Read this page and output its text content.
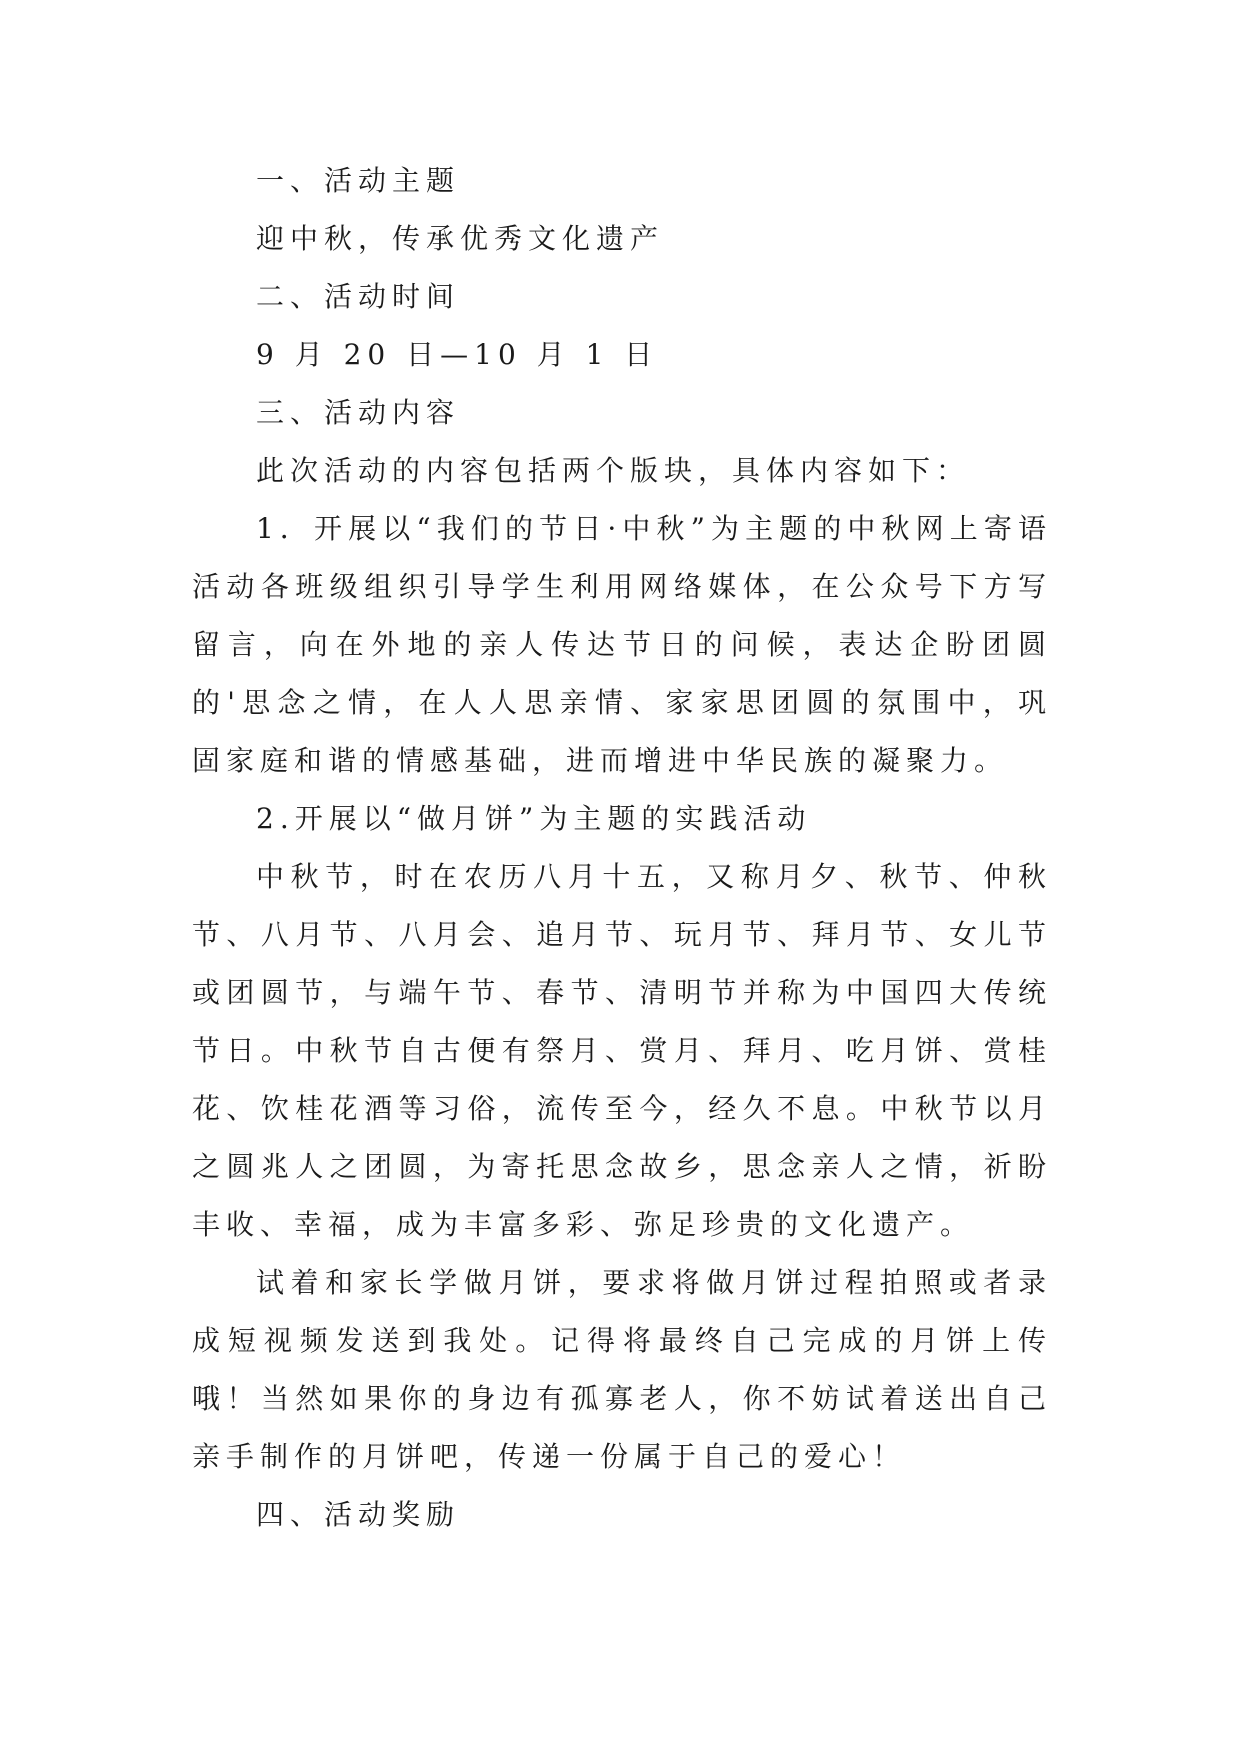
一、活动主题

迎中秋，传承优秀文化遗产

二、活动时间

9 月 20 日—10 月 1 日

三、活动内容

此次活动的内容包括两个版块，具体内容如下：

1．开展以“我们的节日·中秋”为主题的中秋网上寄语活动各班级组织引导学生利用网络媒体，在公众号下方写留言，向在外地的亲人传达节日的问候，表达企盼团圆的'思念之情，在人人思亲情、家家思团圆的氛围中，巩固家庭和谐的情感基础，进而增进中华民族的凝聚力。

2.开展以“做月饼”为主题的实践活动

中秋节，时在农历八月十五，又称月夕、秋节、仲秋节、八月节、八月会、追月节、玩月节、拜月节、女儿节或团圆节，与端午节、春节、清明节并称为中国四大传统节日。中秋节自古便有祭月、赏月、拜月、吃月饼、赏桂花、饮桂花酒等习俗，流传至今，经久不息。中秋节以月之圆兆人之团圆，为寄托思念故乡，思念亲人之情，祈盼丰收、幸福，成为丰富多彩、弥足珍贵的文化遗产。

试着和家长学做月饼，要求将做月饼过程拍照或者录成短视频发送到我处。记得将最终自己完成的月饼上传哦！当然如果你的身边有孤寡老人，你不妨试着送出自己亲手制作的月饼吧，传递一份属于自己的爱心！

四、活动奖励
